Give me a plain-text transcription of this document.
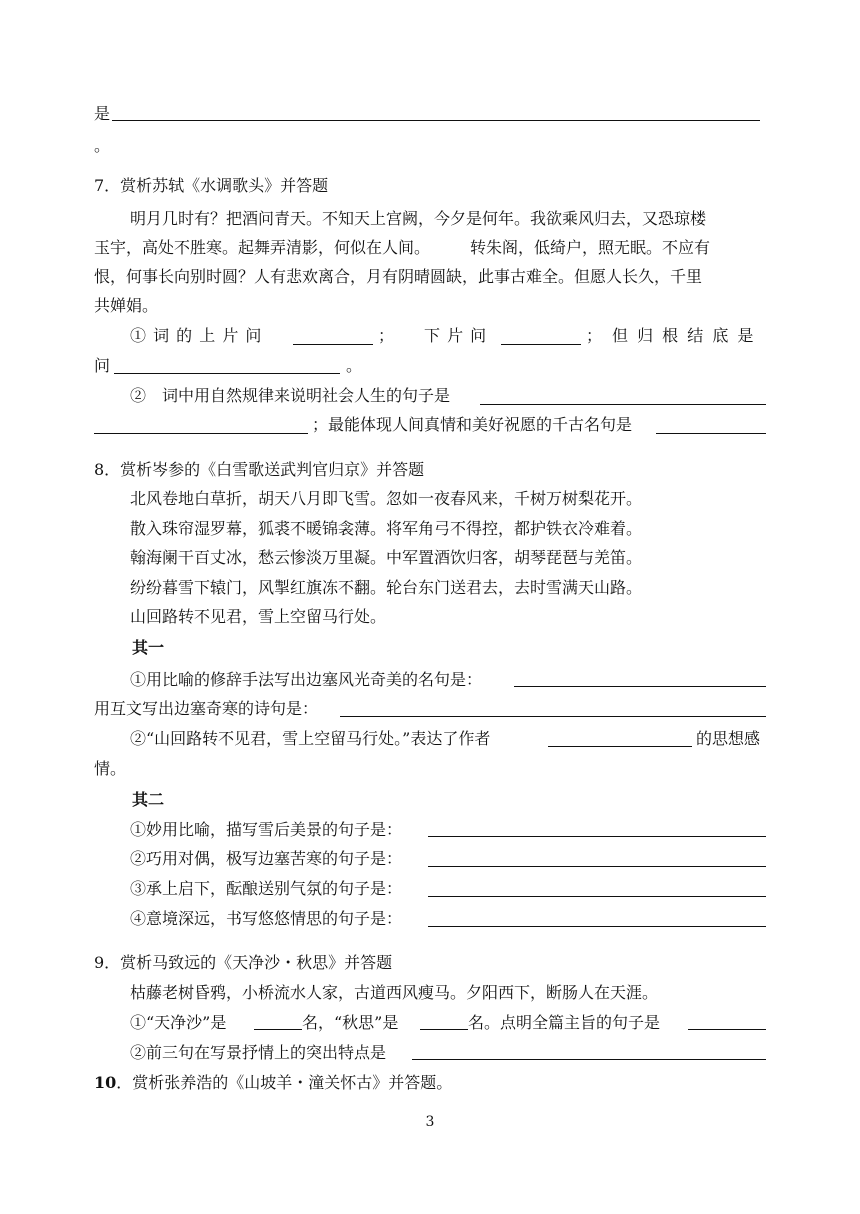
是
。
7．赏析苏轼《水调歌头》并答题
明月几时有？把酒问青天。不知天上宫阙，今夕是何年。我欲乘风归去，又恐琼楼
玉宇，高处不胜寒。起舞弄清影，何似在人间。　　　转朱阁，低绮户，照无眠。不应有
恨，何事长向别时圆？人有悲欢离合，月有阴晴圆缺，此事古难全。但愿人长久，千里
共婵娟。
① 词 的 上 片 问	； 下 片 问	； 但 归 根 结 底 是
问	。
②　词中用自然规律来说明社会人生的句子是
；最能体现人间真情和美好祝愿的千古名句是
8．赏析岑参的《白雪歌送武判官归京》并答题
北风卷地白草折，胡天八月即飞雪。忽如一夜春风来，千树万树梨花开。
散入珠帘湿罗幕，狐裘不暖锦衾薄。将军角弓不得控，都护铁衣冷难着。
翰海阑干百丈冰，愁云惨淡万里凝。中军置酒饮归客，胡琴琵琶与羌笛。
纷纷暮雪下辕门，风掣红旗冻不翻。轮台东门送君去，去时雪满天山路。
山回路转不见君，雪上空留马行处。
其一
①用比喻的修辞手法写出边塞风光奇美的名句是：
用互文写出边塞奇寒的诗句是：
②“山回路转不见君，雪上空留马行处。”表达了作者	的思想感
情。
其二
①妙用比喻，描写雪后美景的句子是：
②巧用对偶，极写边塞苦寒的句子是：
③承上启下，酝酿送别气氛的句子是：
④意境深远，书写悠悠情思的句子是：
9．赏析马致远的《天净沙・秋思》并答题
枯藤老树昏鸦，小桥流水人家，古道西风瘦马。夕阳西下，断肠人在天涯。
①“天净沙”是	名，“秋思”是	名。点明全篇主旨的句子是
②前三句在写景抒情上的突出特点是
10．赏析张养浩的《山坡羊・潼关怀古》并答题。
3
